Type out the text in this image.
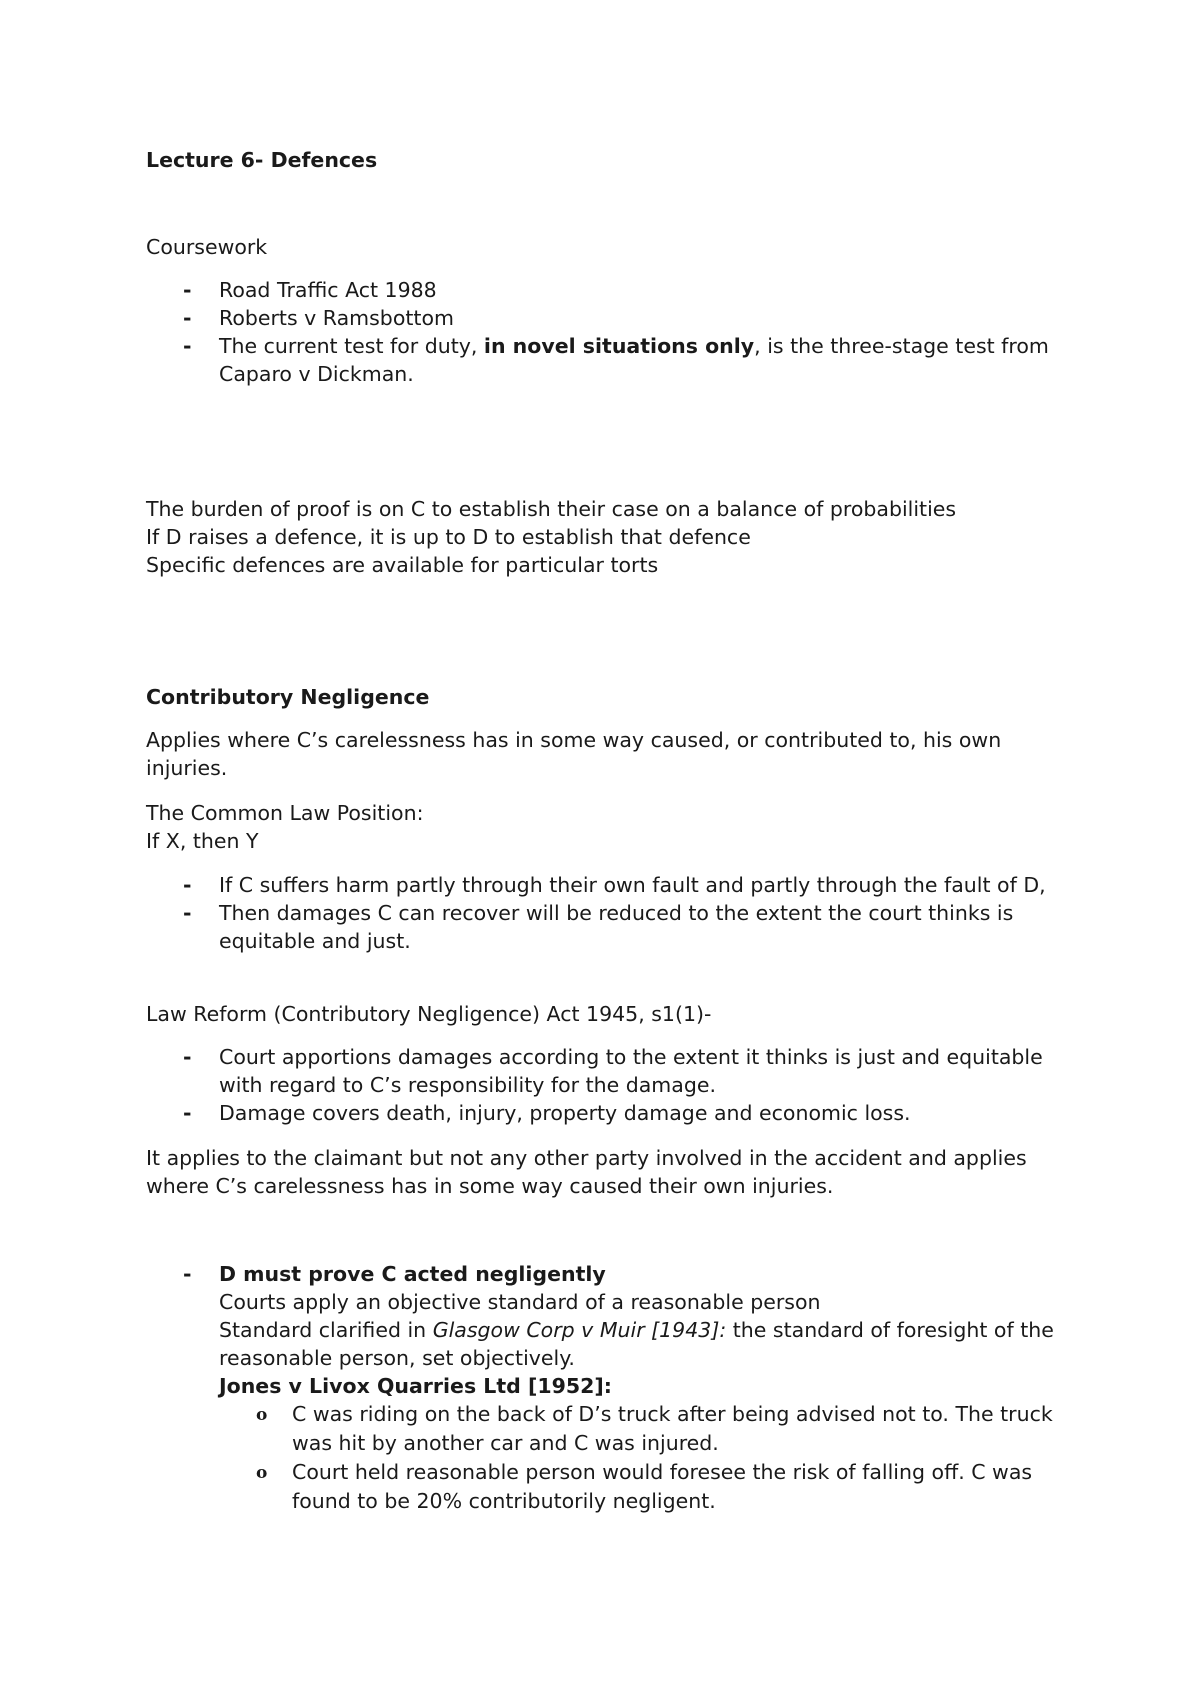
Lecture 6- Defences
Coursework
- Road Traffic Act 1988
- Roberts v Ramsbottom
- The current test for duty, in novel situations only, is the three-stage test from Caparo v Dickman.
The burden of proof is on C to establish their case on a balance of probabilities
If D raises a defence, it is up to D to establish that defence
Specific defences are available for particular torts
Contributory Negligence
Applies where C’s carelessness has in some way caused, or contributed to, his own injuries.
The Common Law Position:
If X, then Y
- If C suffers harm partly through their own fault and partly through the fault of D,
- Then damages C can recover will be reduced to the extent the court thinks is equitable and just.
Law Reform (Contributory Negligence) Act 1945, s1(1)-
- Court apportions damages according to the extent it thinks is just and equitable with regard to C’s responsibility for the damage.
- Damage covers death, injury, property damage and economic loss.
It applies to the claimant but not any other party involved in the accident and applies where C’s carelessness has in some way caused their own injuries.
- D must prove C acted negligently
Courts apply an objective standard of a reasonable person
Standard clarified in Glasgow Corp v Muir [1943]: the standard of foresight of the reasonable person, set objectively.
Jones v Livox Quarries Ltd [1952]:
o C was riding on the back of D’s truck after being advised not to. The truck was hit by another car and C was injured.
o Court held reasonable person would foresee the risk of falling off. C was found to be 20% contributorily negligent.
